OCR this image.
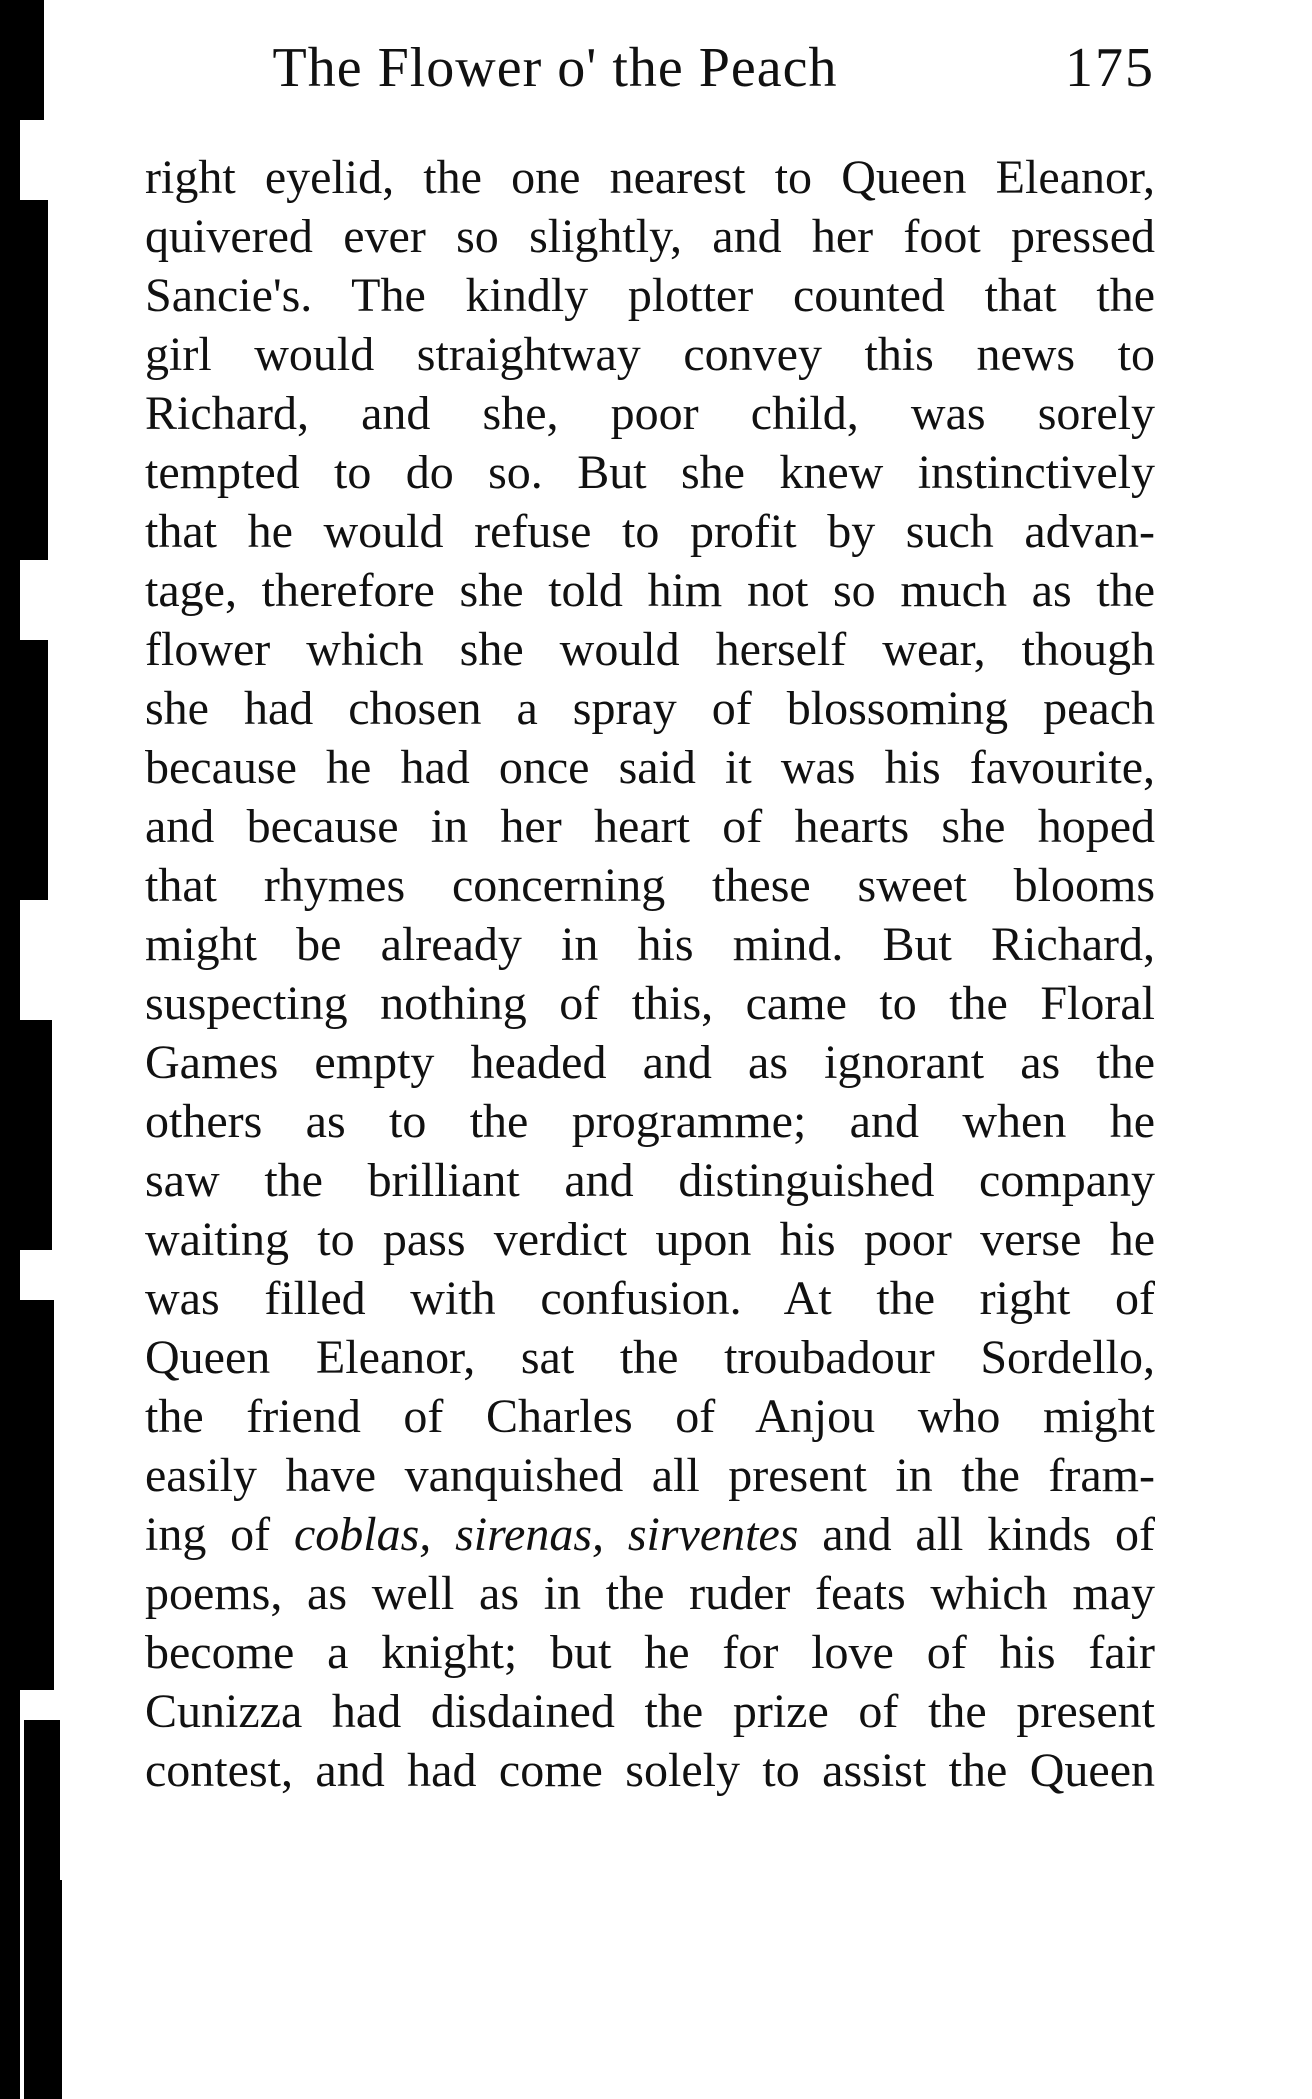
The Flower o' the Peach	175
right eyelid, the one nearest to Queen Eleanor,
quivered ever so slightly, and her foot pressed
Sancie's. The kindly plotter counted that the
girl would straightway convey this news to
Richard, and she, poor child, was sorely
tempted to do so. But she knew instinctively
that he would refuse to profit by such advan-
tage, therefore she told him not so much as the
flower which she would herself wear, though
she had chosen a spray of blossoming peach
because he had once said it was his favourite,
and because in her heart of hearts she hoped
that rhymes concerning these sweet blooms
might be already in his mind. But Richard,
suspecting nothing of this, came to the Floral
Games empty headed and as ignorant as the
others as to the programme; and when he
saw the brilliant and distinguished company
waiting to pass verdict upon his poor verse he
was filled with confusion. At the right of
Queen Eleanor, sat the troubadour Sordello,
the friend of Charles of Anjou who might
easily have vanquished all present in the fram-
ing of coblas, sirenas, sirventes and all kinds of
poems, as well as in the ruder feats which may
become a knight; but he for love of his fair
Cunizza had disdained the prize of the present
contest, and had come solely to assist the Queen
